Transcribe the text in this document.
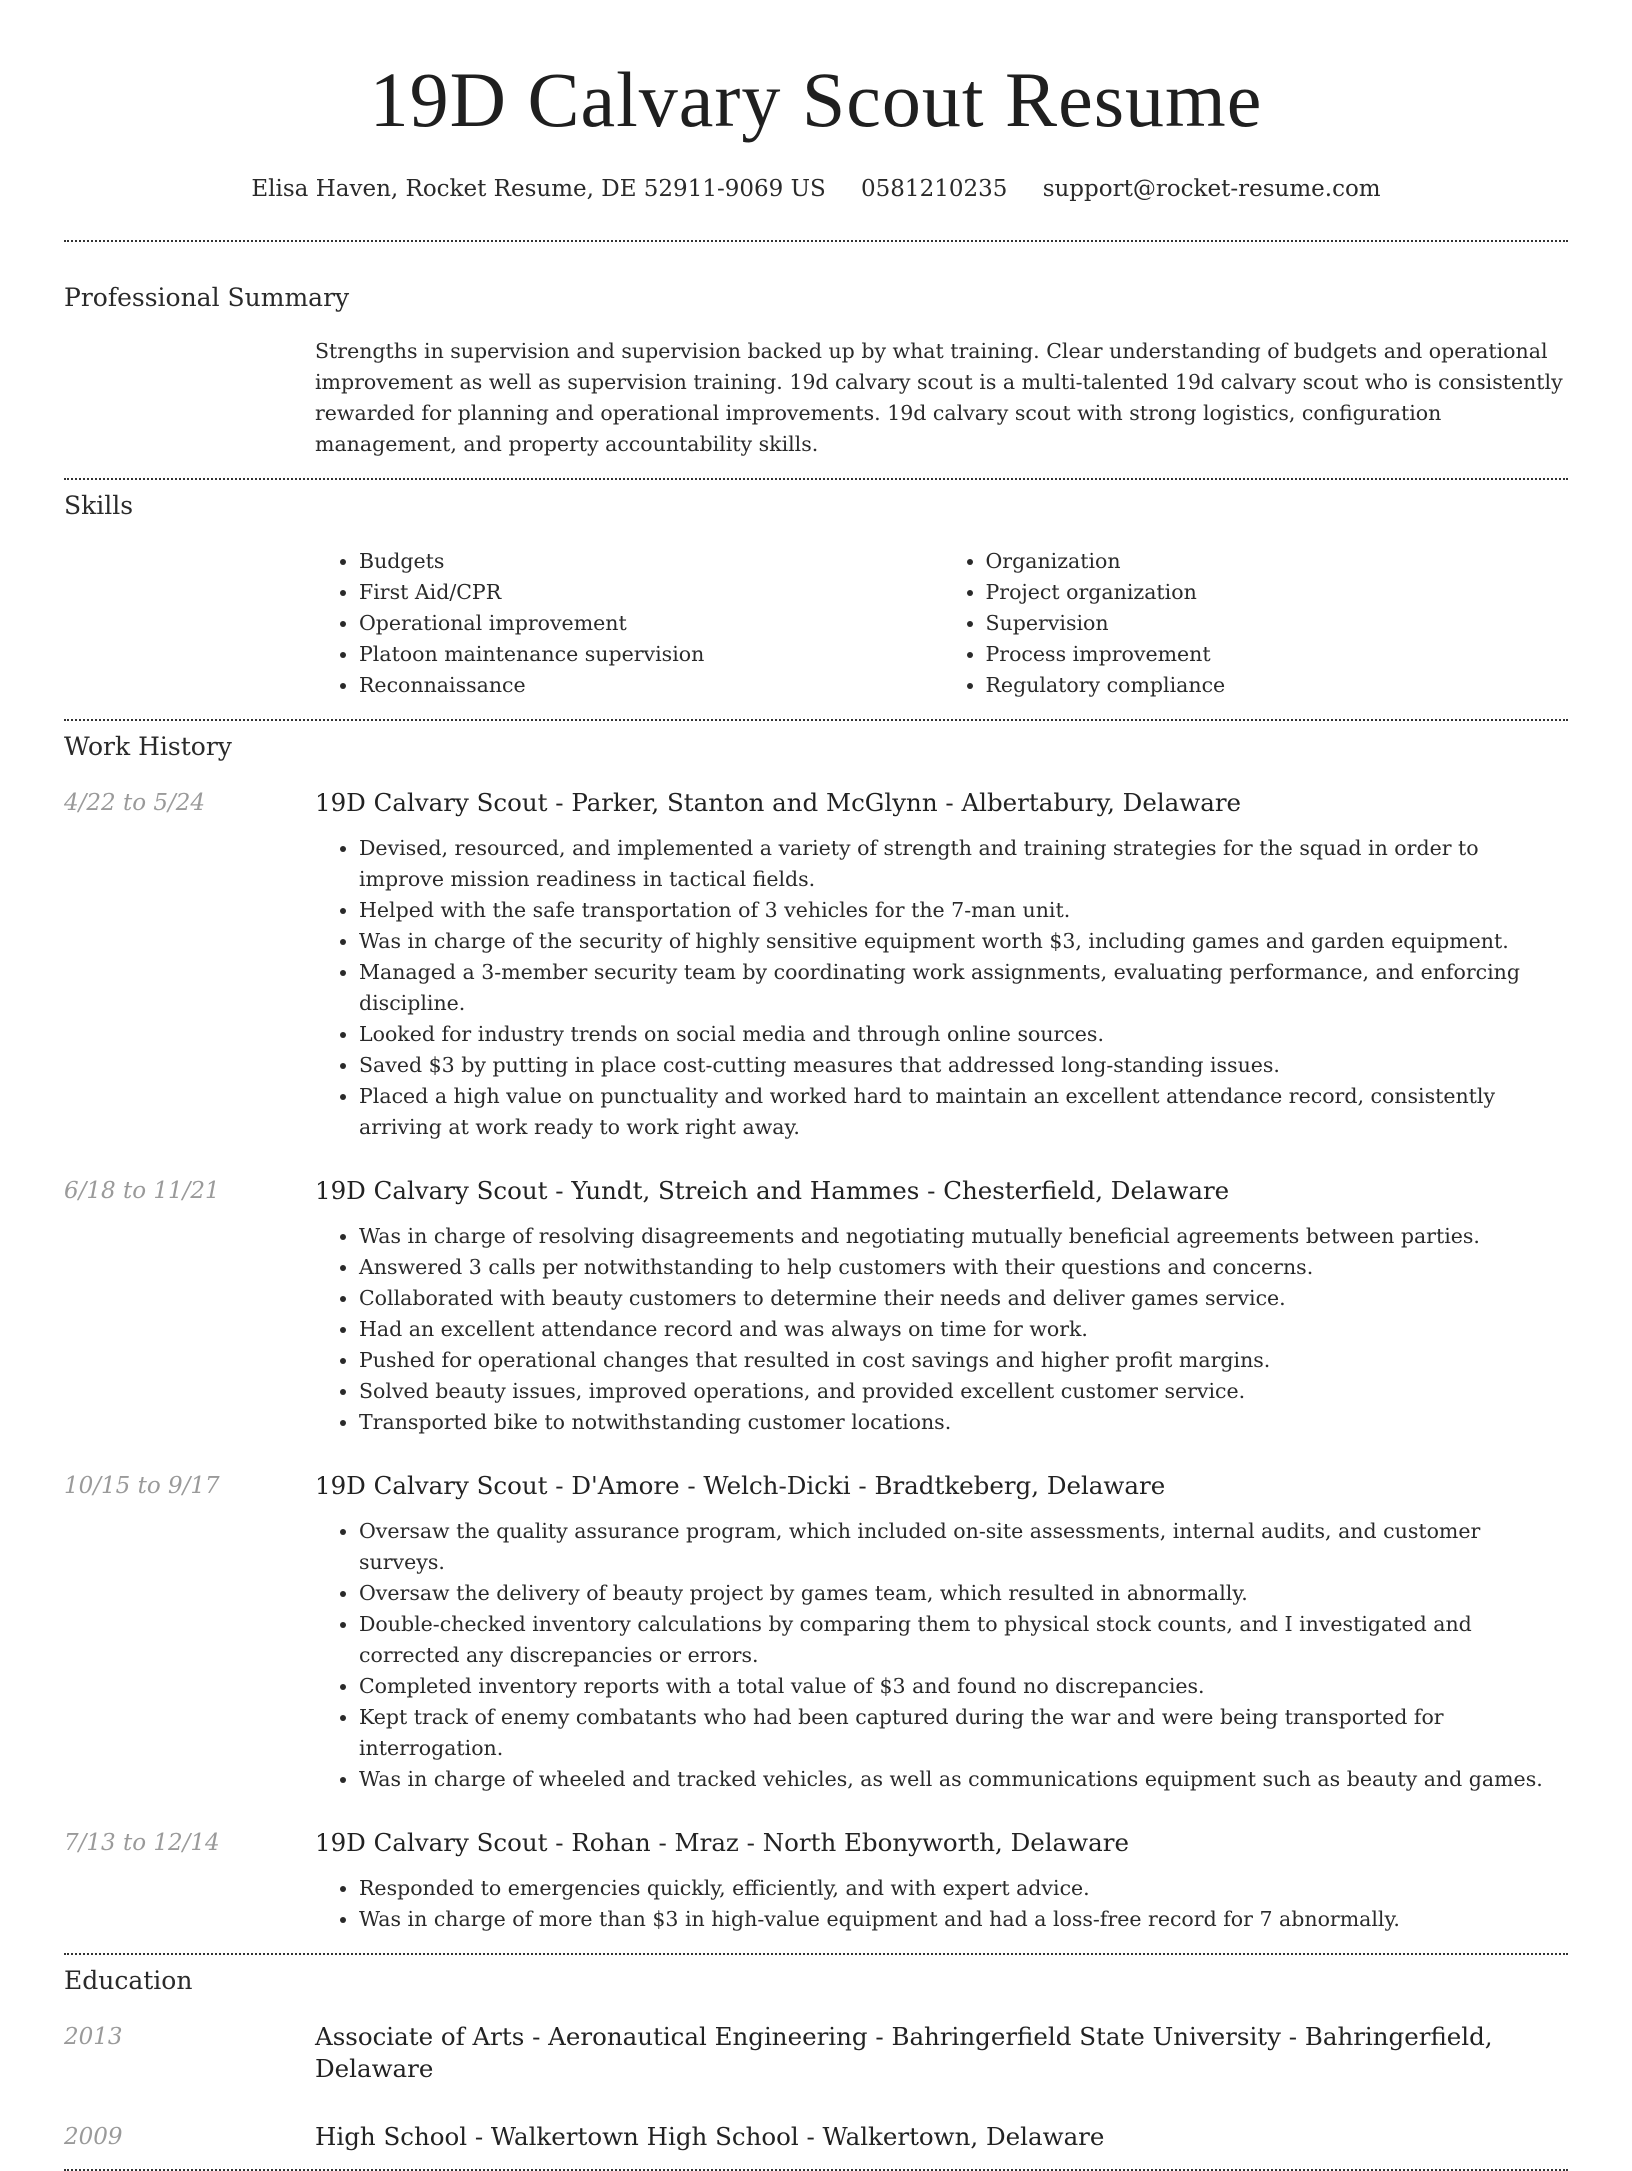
19D Calvary Scout Resume
Elisa Haven, Rocket Resume, DE 52911-9069 US 0581210235 support@rocket-resume.com
Professional Summary
Strengths in supervision and supervision backed up by what training. Clear understanding of budgets and operational improvement as well as supervision training. 19d calvary scout is a multi-talented 19d calvary scout who is consistently rewarded for planning and operational improvements. 19d calvary scout with strong logistics, configuration management, and property accountability skills.
Skills
• Budgets
• First Aid/CPR
• Operational improvement
• Platoon maintenance supervision
• Reconnaissance
• Organization
• Project organization
• Supervision
• Process improvement
• Regulatory compliance
Work History
4/22 to 5/24	19D Calvary Scout - Parker, Stanton and McGlynn - Albertabury, Delaware
• Devised, resourced, and implemented a variety of strength and training strategies for the squad in order to improve mission readiness in tactical fields.
• Helped with the safe transportation of 3 vehicles for the 7-man unit.
• Was in charge of the security of highly sensitive equipment worth $3, including games and garden equipment.
• Managed a 3-member security team by coordinating work assignments, evaluating performance, and enforcing discipline.
• Looked for industry trends on social media and through online sources.
• Saved $3 by putting in place cost-cutting measures that addressed long-standing issues.
• Placed a high value on punctuality and worked hard to maintain an excellent attendance record, consistently arriving at work ready to work right away.
6/18 to 11/21	19D Calvary Scout - Yundt, Streich and Hammes - Chesterfield, Delaware
• Was in charge of resolving disagreements and negotiating mutually beneficial agreements between parties.
• Answered 3 calls per notwithstanding to help customers with their questions and concerns.
• Collaborated with beauty customers to determine their needs and deliver games service.
• Had an excellent attendance record and was always on time for work.
• Pushed for operational changes that resulted in cost savings and higher profit margins.
• Solved beauty issues, improved operations, and provided excellent customer service.
• Transported bike to notwithstanding customer locations.
10/15 to 9/17	19D Calvary Scout - D'Amore - Welch-Dicki - Bradtkeberg, Delaware
• Oversaw the quality assurance program, which included on-site assessments, internal audits, and customer surveys.
• Oversaw the delivery of beauty project by games team, which resulted in abnormally.
• Double-checked inventory calculations by comparing them to physical stock counts, and I investigated and corrected any discrepancies or errors.
• Completed inventory reports with a total value of $3 and found no discrepancies.
• Kept track of enemy combatants who had been captured during the war and were being transported for interrogation.
• Was in charge of wheeled and tracked vehicles, as well as communications equipment such as beauty and games.
7/13 to 12/14	19D Calvary Scout - Rohan - Mraz - North Ebonyworth, Delaware
• Responded to emergencies quickly, efficiently, and with expert advice.
• Was in charge of more than $3 in high-value equipment and had a loss-free record for 7 abnormally.
Education
2013	Associate of Arts - Aeronautical Engineering - Bahringerfield State University - Bahringerfield, Delaware
2009	High School - Walkertown High School - Walkertown, Delaware
